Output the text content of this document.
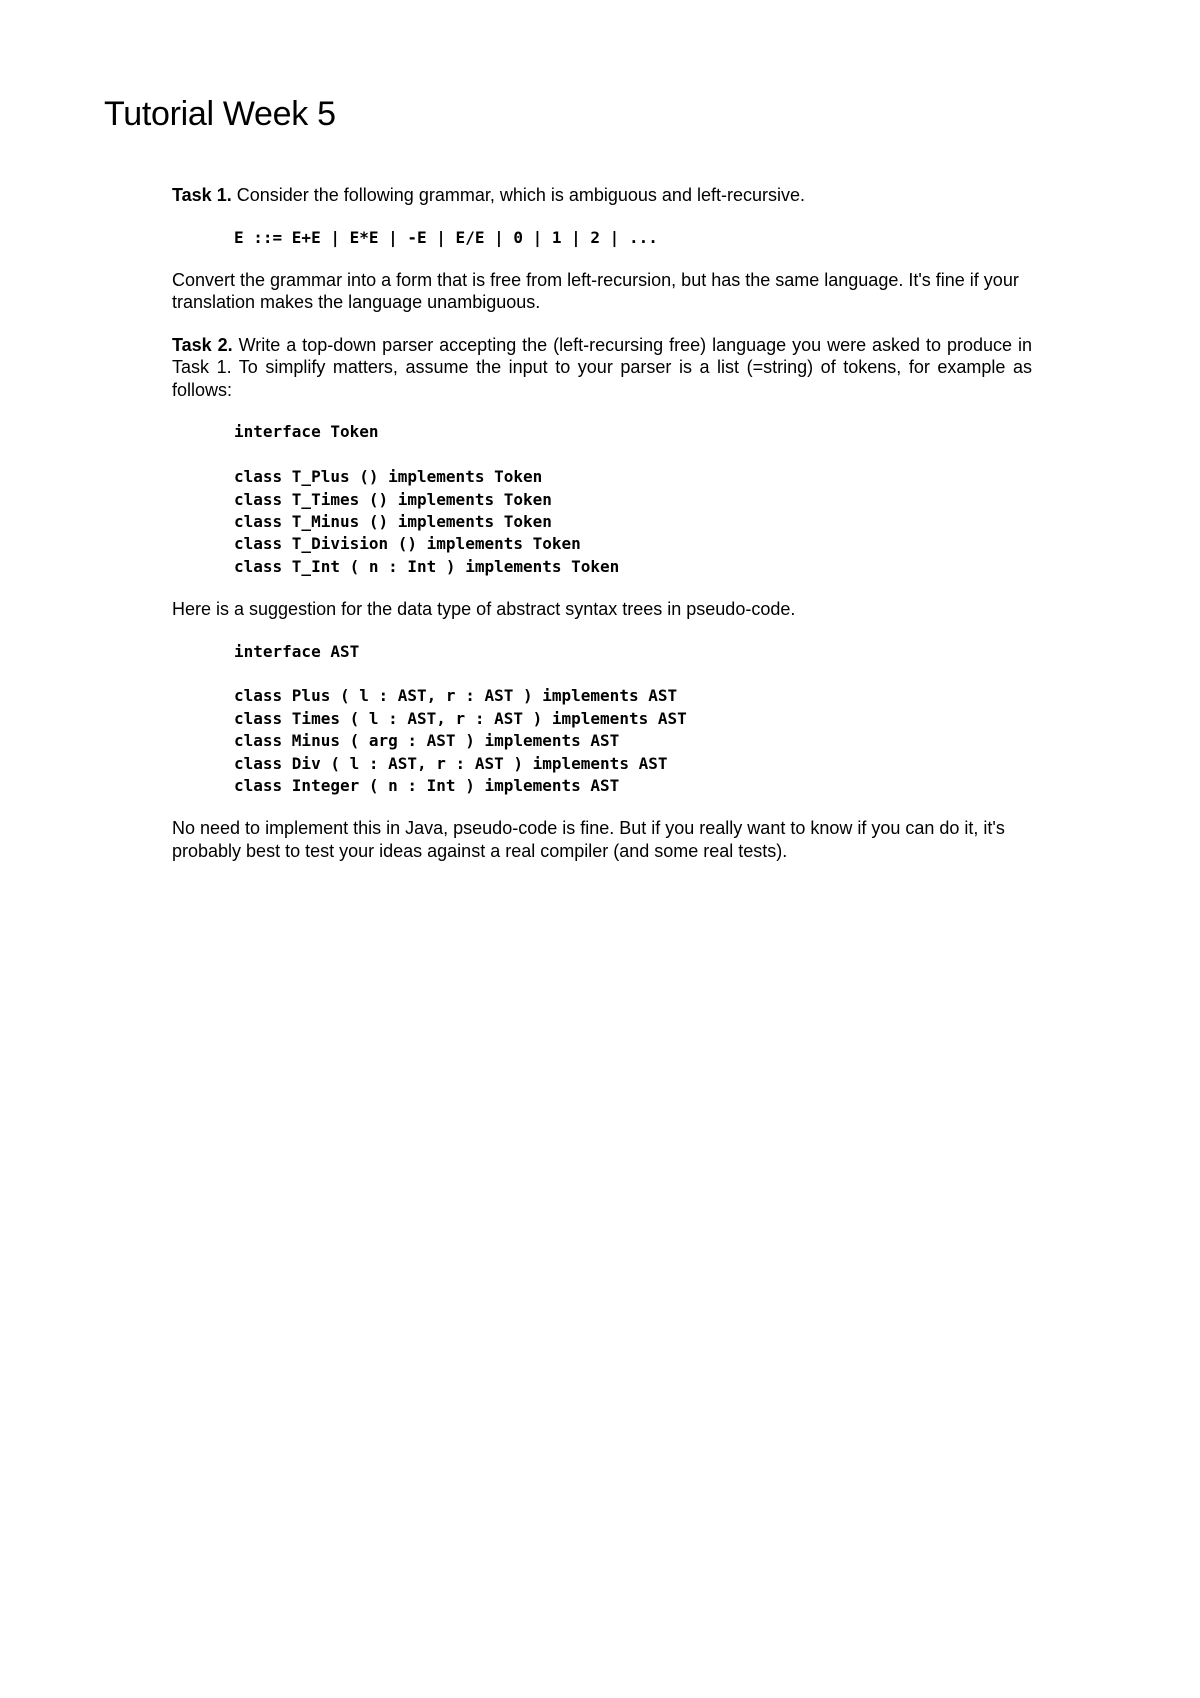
Tutorial Week 5

Task 1. Consider the following grammar, which is ambiguous and left-recursive.

E ::= E+E | E*E | -E | E/E | 0 | 1 | 2 | ...

Convert the grammar into a form that is free from left-recursion, but has the same language. It's fine if your translation makes the language unambiguous.

Task 2. Write a top-down parser accepting the (left-recursing free) language you were asked to produce in Task 1. To simplify matters, assume the input to your parser is a list (=string) of tokens, for example as follows:

interface Token
class T_Plus () implements Token
class T_Times () implements Token
class T_Minus () implements Token
class T_Division () implements Token
class T_Int ( n : Int ) implements Token

Here is a suggestion for the data type of abstract syntax trees in pseudo-code.

interface AST
class Plus ( l : AST, r : AST ) implements AST
class Times ( l : AST, r : AST ) implements AST
class Minus ( arg : AST ) implements AST
class Div ( l : AST, r : AST ) implements AST
class Integer ( n : Int ) implements AST

No need to implement this in Java, pseudo-code is fine. But if you really want to know if you can do it, it's probably best to test your ideas against a real compiler (and some real tests).
